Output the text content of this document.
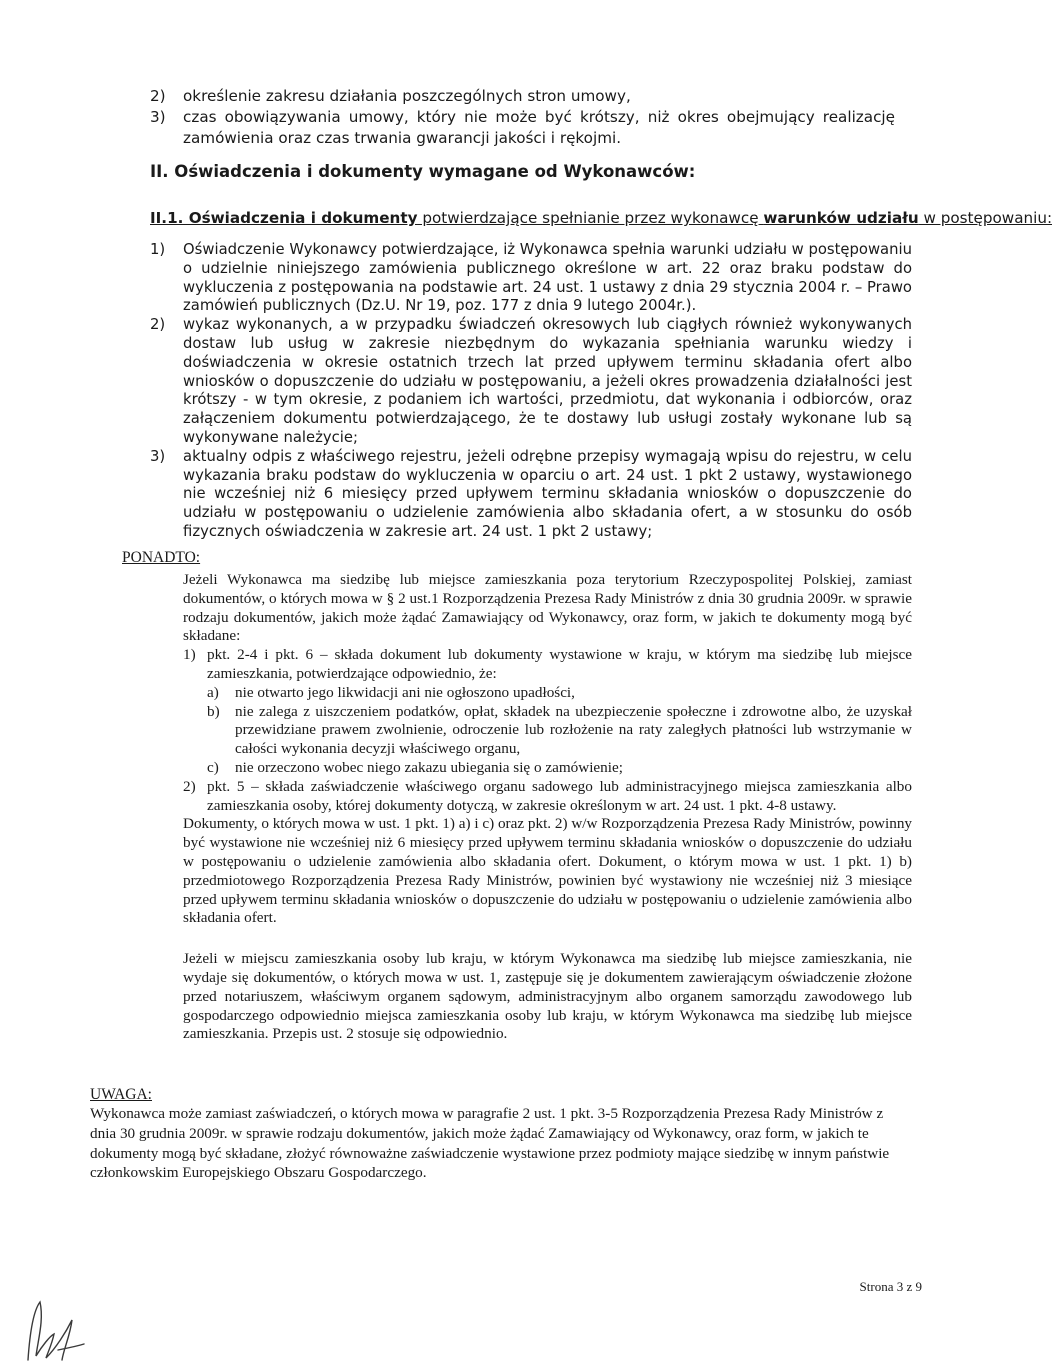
2)	określenie zakresu działania poszczególnych stron umowy,
3)	czas obowiązywania umowy, który nie może być krótszy, niż okres obejmujący realizację zamówienia oraz czas trwania gwarancji jakości i rękojmi.
II. Oświadczenia i dokumenty wymagane od Wykonawców:
II.1. Oświadczenia i dokumenty potwierdzające spełnianie przez wykonawcę warunków udziału w postępowaniu:
1)	Oświadczenie Wykonawcy potwierdzające, iż Wykonawca spełnia warunki udziału w postępowaniu o udzielnie niniejszego zamówienia publicznego określone w art. 22 oraz braku podstaw do wykluczenia z postępowania na podstawie art. 24 ust. 1 ustawy z dnia 29 stycznia 2004 r. – Prawo zamówień publicznych (Dz.U. Nr 19, poz. 177 z dnia 9 lutego 2004r.).
2)	wykaz wykonanych, a w przypadku świadczeń okresowych lub ciągłych również wykonywanych dostaw lub usług w zakresie niezbędnym do wykazania spełniania warunku wiedzy i doświadczenia w okresie ostatnich trzech lat przed upływem terminu składania ofert albo wniosków o dopuszczenie do udziału w postępowaniu, a jeżeli okres prowadzenia działalności jest krótszy - w tym okresie, z podaniem ich wartości, przedmiotu, dat wykonania i odbiorców, oraz załączeniem dokumentu potwierdzającego, że te dostawy lub usługi zostały wykonane lub są wykonywane należycie;
3)	aktualny odpis z właściwego rejestru, jeżeli odrębne przepisy wymagają wpisu do rejestru, w celu wykazania braku podstaw do wykluczenia w oparciu o art. 24 ust. 1 pkt 2 ustawy, wystawionego nie wcześniej niż 6 miesięcy przed upływem terminu składania wniosków o dopuszczenie do udziału w postępowaniu o udzielenie zamówienia albo składania ofert, a w stosunku do osób fizycznych oświadczenia w zakresie art. 24 ust. 1 pkt 2 ustawy;
PONADTO:

Jeżeli Wykonawca ma siedzibę lub miejsce zamieszkania poza terytorium Rzeczypospolitej Polskiej, zamiast dokumentów, o których mowa w § 2 ust.1 Rozporządzenia Prezesa Rady Ministrów z dnia 30 grudnia 2009r. w sprawie rodzaju dokumentów, jakich może żądać Zamawiający od Wykonawcy, oraz form, w jakich te dokumenty mogą być składane:

1) pkt. 2-4 i pkt. 6 – składa dokument lub dokumenty wystawione w kraju, w którym ma siedzibę lub miejsce zamieszkania, potwierdzające odpowiednio, że:
a)	nie otwarto jego likwidacji ani nie ogłoszono upadłości,
b)	nie zalega z uiszczeniem podatków, opłat, składek na ubezpieczenie społeczne i zdrowotne albo, że uzyskał przewidziane prawem zwolnienie, odroczenie lub rozłożenie na raty zaległych płatności lub wstrzymanie w całości wykonania decyzji właściwego organu,
c)	nie orzeczono wobec niego zakazu ubiegania się o zamówienie;
2) pkt. 5 – składa zaświadczenie właściwego organu sadowego lub administracyjnego miejsca zamieszkania albo zamieszkania osoby, której dokumenty dotyczą, w zakresie określonym w art. 24 ust. 1 pkt. 4-8 ustawy.

Dokumenty, o których mowa w ust. 1 pkt. 1) a) i c) oraz pkt. 2) w/w Rozporządzenia Prezesa Rady Ministrów, powinny być wystawione nie wcześniej niż 6 miesięcy przed upływem terminu składania wniosków o dopuszczenie do udziału w postępowaniu o udzielenie zamówienia albo składania ofert. Dokument, o którym mowa w ust. 1 pkt. 1) b) przedmiotowego Rozporządzenia Prezesa Rady Ministrów, powinien być wystawiony nie wcześniej niż 3 miesiące przed upływem terminu składania wniosków o dopuszczenie do udziału w postępowaniu o udzielenie zamówienia albo składania ofert.

Jeżeli w miejscu zamieszkania osoby lub kraju, w którym Wykonawca ma siedzibę lub miejsce zamieszkania, nie wydaje się dokumentów, o których mowa w ust. 1, zastępuje się je dokumentem zawierającym oświadczenie złożone przed notariuszem, właściwym organem sądowym, administracyjnym albo organem samorządu zawodowego lub gospodarczego odpowiednio miejsca zamieszkania osoby lub kraju, w którym Wykonawca ma siedzibę lub miejsce zamieszkania. Przepis ust. 2 stosuje się odpowiednio.

UWAGA:

Wykonawca może zamiast zaświadczeń, o których mowa w paragrafie 2 ust. 1 pkt. 3-5 Rozporządzenia Prezesa Rady Ministrów z dnia 30 grudnia 2009r. w sprawie rodzaju dokumentów, jakich może żądać Zamawiający od Wykonawcy, oraz form, w jakich te dokumenty mogą być składane, złożyć równoważne zaświadczenie wystawione przez podmioty mające siedzibę w innym państwie członkowskim Europejskiego Obszaru Gospodarczego.

Strona 3 z 9
